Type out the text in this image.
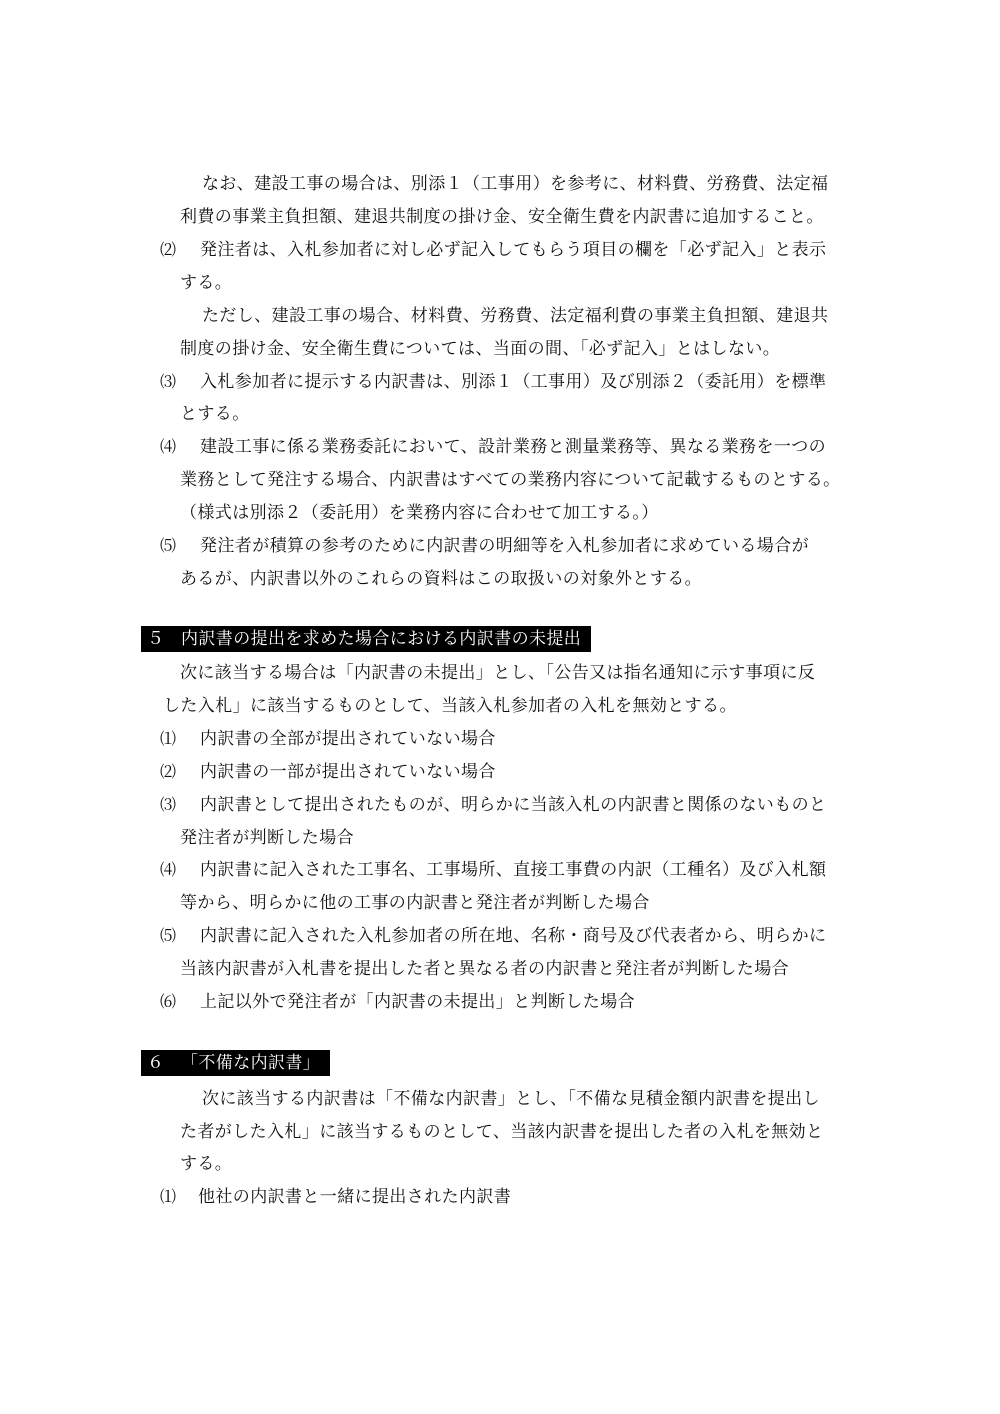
なお、建設工事の場合は、別添１（工事用）を参考に、材料費、労務費、法定福
利費の事業主負担額、建退共制度の掛け金、安全衛生費を内訳書に追加すること。
⑵ 発注者は、入札参加者に対し必ず記入してもらう項目の欄を「必ず記入」と表示
する。
ただし、建設工事の場合、材料費、労務費、法定福利費の事業主負担額、建退共
制度の掛け金、安全衛生費については、当面の間、「必ず記入」とはしない。
⑶ 入札参加者に提示する内訳書は、別添１（工事用）及び別添２（委託用）を標準
とする。
⑷ 建設工事に係る業務委託において、設計業務と測量業務等、異なる業務を一つの
業務として発注する場合、内訳書はすべての業務内容について記載するものとする。
（様式は別添２（委託用）を業務内容に合わせて加工する。）
⑸ 発注者が積算の参考のために内訳書の明細等を入札参加者に求めている場合が
あるが、内訳書以外のこれらの資料はこの取扱いの対象外とする。
５ 内訳書の提出を求めた場合における内訳書の未提出
次に該当する場合は「内訳書の未提出」とし、「公告又は指名通知に示す事項に反
した入札」に該当するものとして、当該入札参加者の入札を無効とする。
⑴ 内訳書の全部が提出されていない場合
⑵ 内訳書の一部が提出されていない場合
⑶ 内訳書として提出されたものが、明らかに当該入札の内訳書と関係のないものと
発注者が判断した場合
⑷ 内訳書に記入された工事名、工事場所、直接工事費の内訳（工種名）及び入札額
等から、明らかに他の工事の内訳書と発注者が判断した場合
⑸ 内訳書に記入された入札参加者の所在地、名称・商号及び代表者から、明らかに
当該内訳書が入札書を提出した者と異なる者の内訳書と発注者が判断した場合
⑹ 上記以外で発注者が「内訳書の未提出」と判断した場合
６ 「不備な内訳書」
次に該当する内訳書は「不備な内訳書」とし、「不備な見積金額内訳書を提出し
た者がした入札」に該当するものとして、当該内訳書を提出した者の入札を無効と
する。
⑴ 他社の内訳書と一緒に提出された内訳書
